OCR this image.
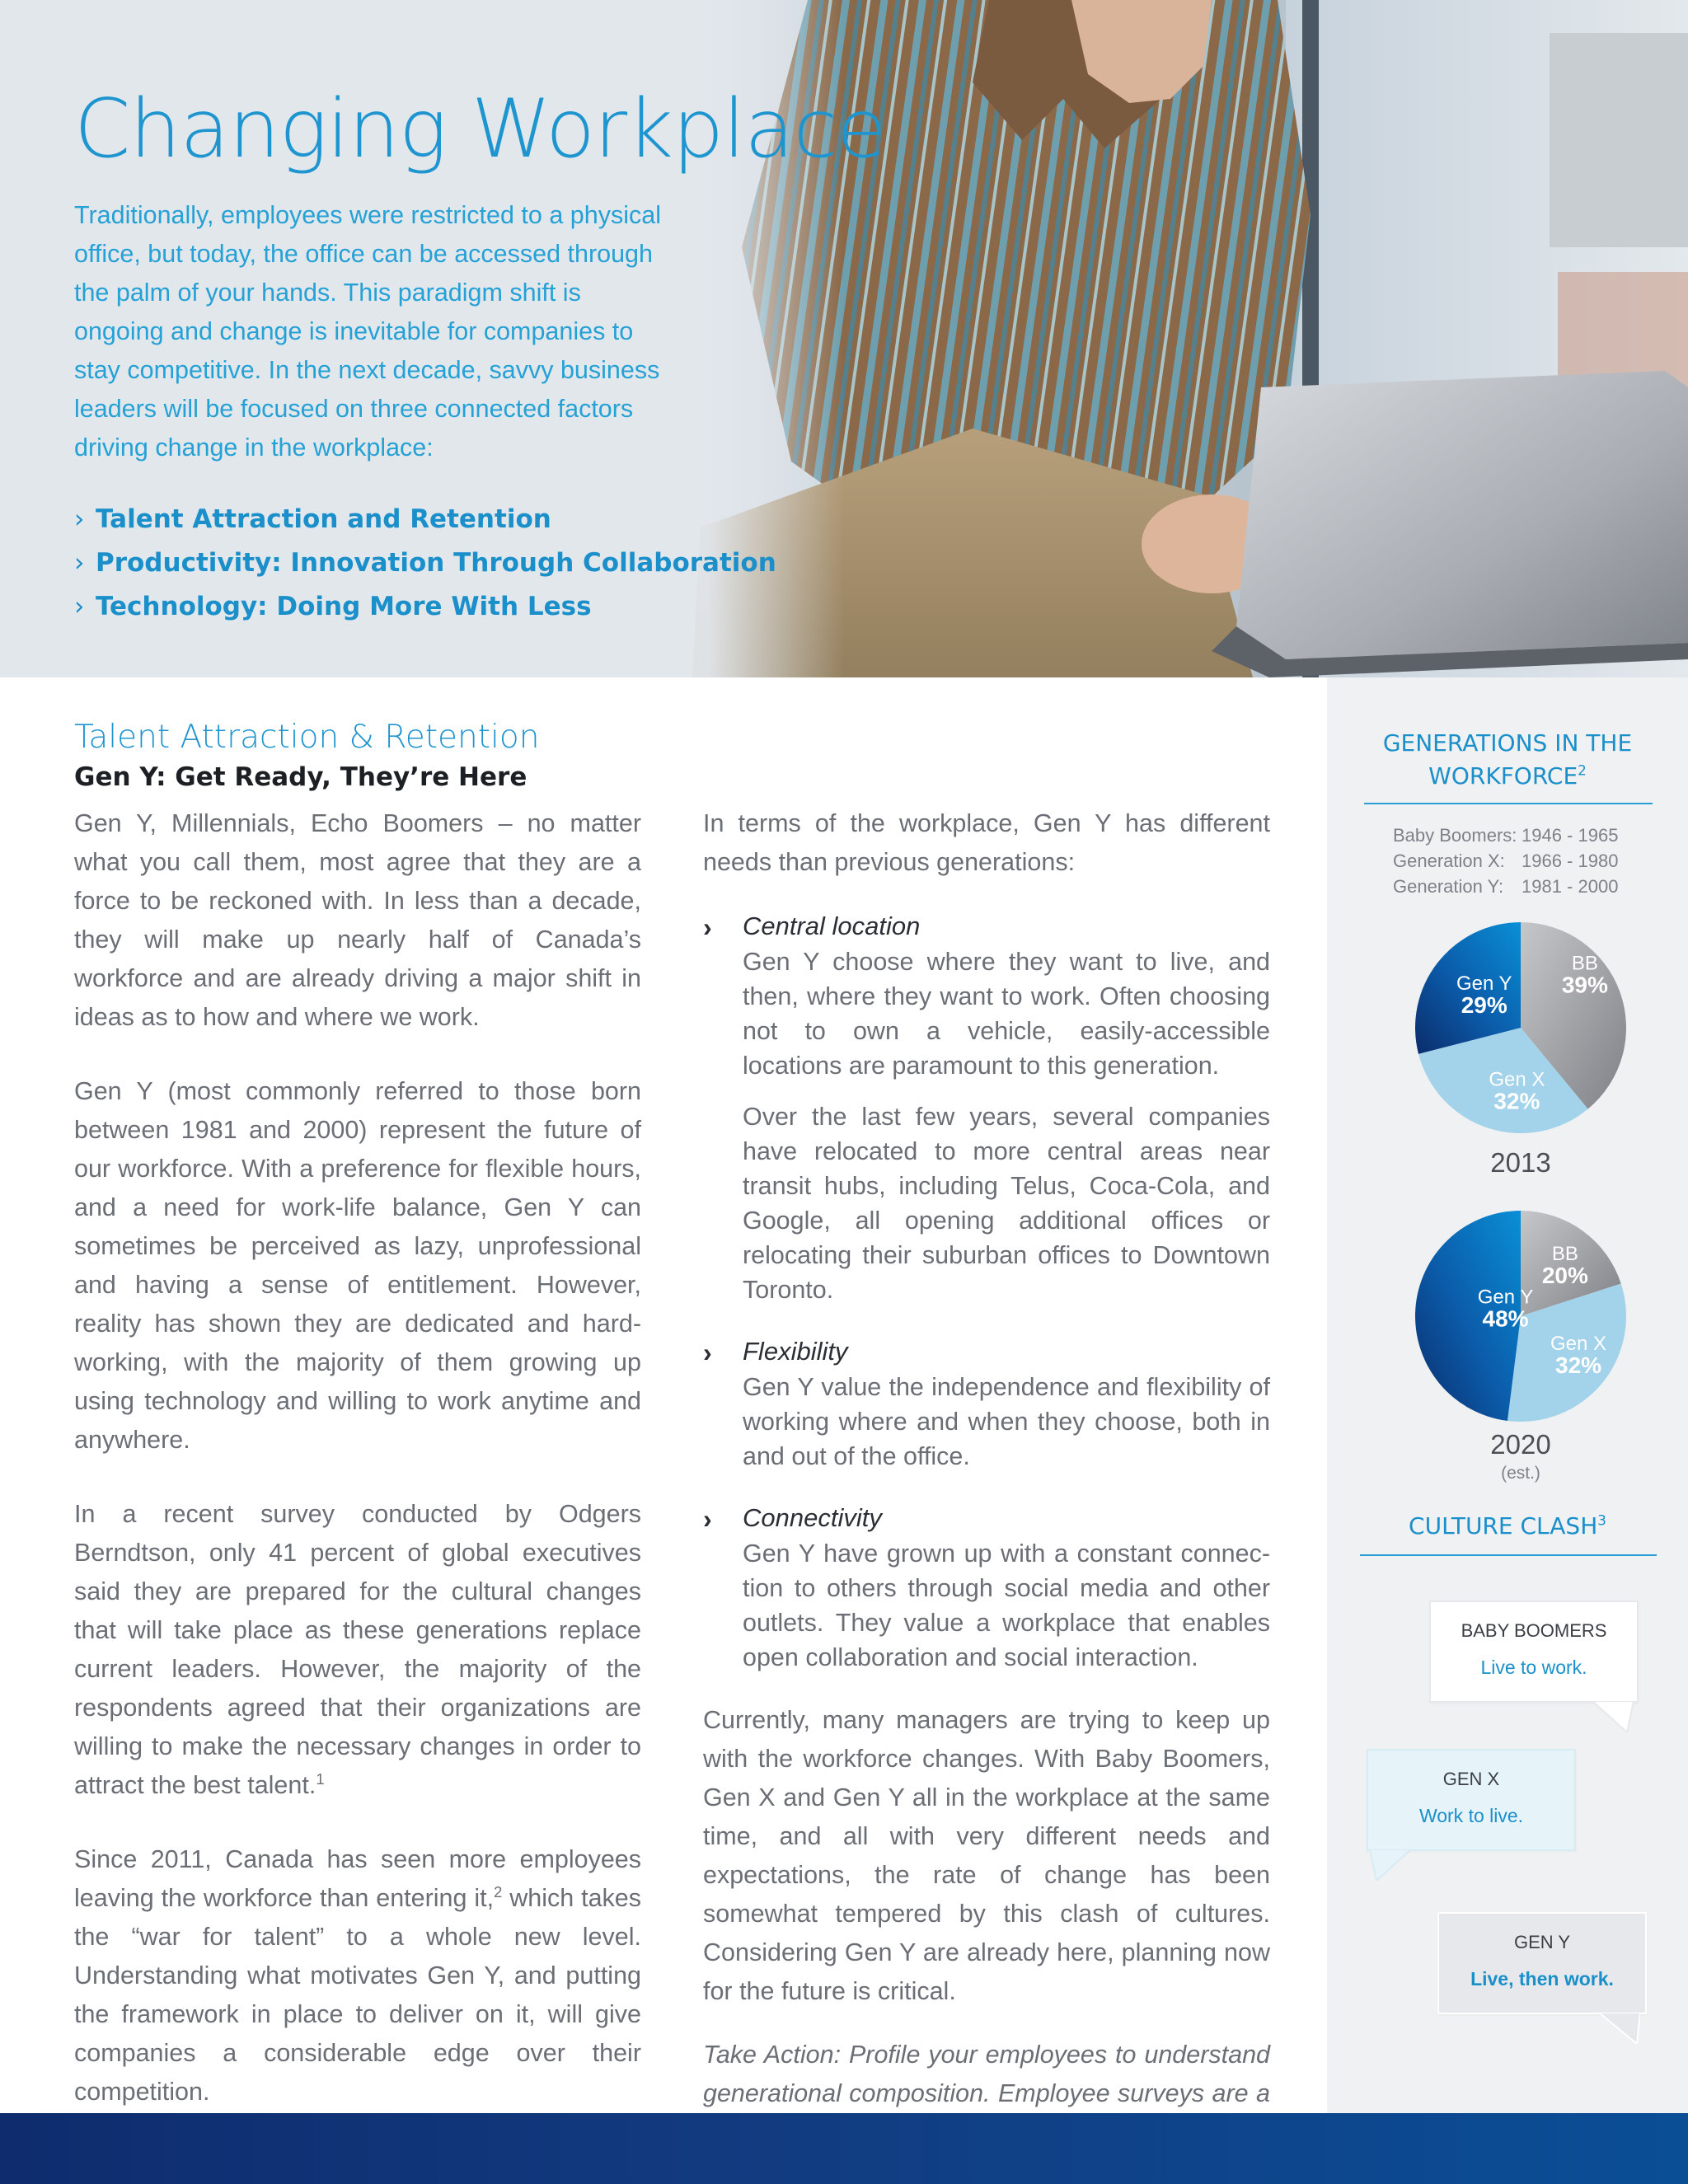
Changing Workplace

Traditionally, employees were restricted to a physical office, but today, the office can be accessed through the palm of your hands. This paradigm shift is ongoing and change is inevitable for companies to stay competitive. In the next decade, savvy business leaders will be focused on three connected factors driving change in the workplace:

› Talent Attraction and Retention
› Productivity: Innovation Through Collaboration
› Technology: Doing More With Less
Talent Attraction & Retention
Gen Y: Get Ready, They’re Here

Gen Y, Millennials, Echo Boomers – no matter what you call them, most agree that they are a force to be reckoned with. In less than a decade, they will make up nearly half of Canada’s workforce and are already driving a major shift in ideas as to how and where we work.

Gen Y (most commonly referred to those born between 1981 and 2000) represent the future of our workforce. With a preference for flexible hours, and a need for work-life balance, Gen Y can sometimes be perceived as lazy, unprofessional and having a sense of entitlement. However, reality has shown they are dedicated and hard-working, with the majority of them growing up using technology and willing to work anytime and anywhere.

In a recent survey conducted by Odgers Berndtson, only 41 percent of global executives said they are prepared for the cultural changes that will take place as these generations replace current leaders. However, the majority of the respondents agreed that their organizations are willing to make the necessary changes in order to attract the best talent.$^1$

Since 2011, Canada has seen more employees leaving the workforce than entering it,$^2$ which takes the “war for talent” to a whole new level. Understanding what motivates Gen Y, and putting the framework in place to deliver on it, will give companies a considerable edge over their competition.

In terms of the workplace, Gen Y has different needs than previous generations:

› Central location

Gen Y choose where they want to live, and then, where they want to work. Often choosing not to own a vehicle, easily-accessible locations are paramount to this generation.

Over the last few years, several companies have relocated to more central areas near transit hubs, including Telus, Coca-Cola, and Google, all opening additional offices or relocating their suburban offices to Downtown Toronto.

› Flexibility

Gen Y value the independence and flexibility of working where and when they choose, both in and out of the office.

› Connectivity

Gen Y have grown up with a constant connec-tion to others through social media and other outlets. They value a workplace that enables open collaboration and social interaction.

Currently, many managers are trying to keep up with the workforce changes. With Baby Boomers, Gen X and Gen Y all in the workplace at the same time, and all with very different needs and expectations, the rate of change has been somewhat tempered by this clash of cultures. Considering Gen Y are already here, planning now for the future is critical.

Take Action: Profile your employees to understand generational composition. Employee surveys are a

GENERATIONS IN THE WORKFORCE$^2$
Baby Boomers: 1946 - 1965
Generation X: 1966 - 1980
Generation Y: 1981 - 2000
BB
39%
Gen X
32%
Gen Y
29%
2013
BB
20%
Gen X
32%
Gen Y
48%
2020
(est.)
CULTURE CLASH$^3$
BABY BOOMERS
Live to work.
GEN X
Work to live.
GEN Y
Live, then work.
